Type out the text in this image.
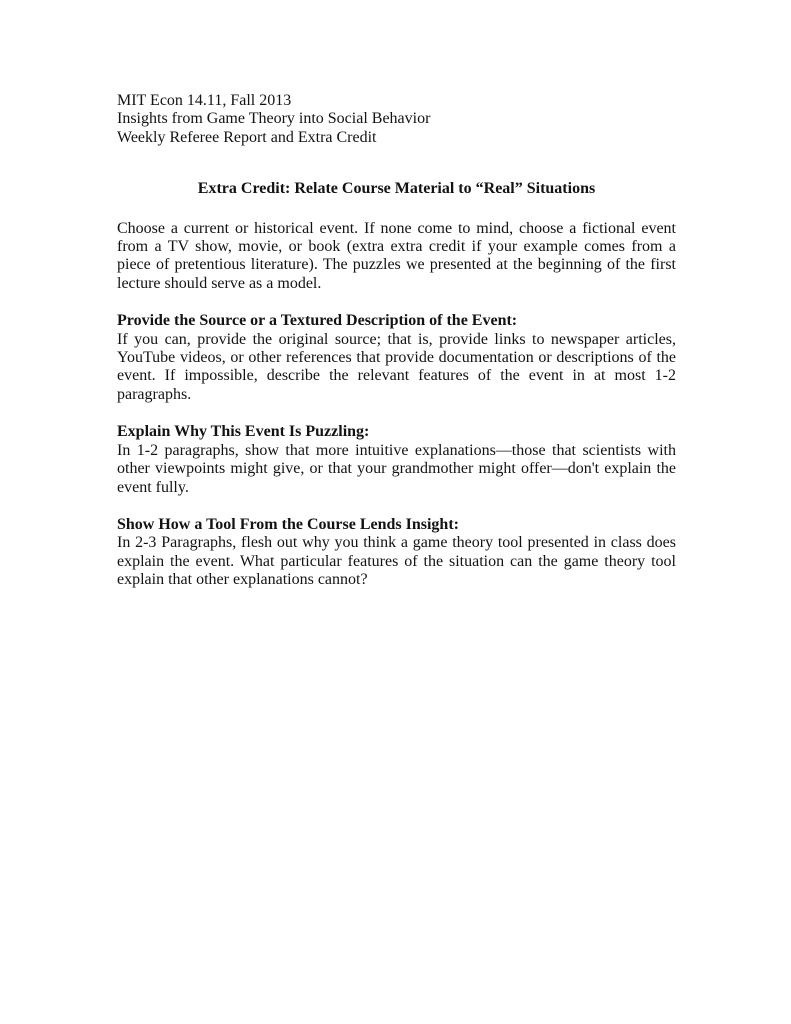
MIT Econ 14.11, Fall 2013
Insights from Game Theory into Social Behavior
Weekly Referee Report and Extra Credit
Extra Credit: Relate Course Material to “Real” Situations

Choose a current or historical event. If none come to mind, choose a fictional event from a TV show, movie, or book (extra extra credit if your example comes from a piece of pretentious literature). The puzzles we presented at the beginning of the first lecture should serve as a model.

Provide the Source or a Textured Description of the Event:

If you can, provide the original source; that is, provide links to newspaper articles, YouTube videos, or other references that provide documentation or descriptions of the event. If impossible, describe the relevant features of the event in at most 1-2 paragraphs.

Explain Why This Event Is Puzzling:

In 1-2 paragraphs, show that more intuitive explanations—those that scientists with other viewpoints might give, or that your grandmother might offer—don't explain the event fully.

Show How a Tool From the Course Lends Insight:

In 2-3 Paragraphs, flesh out why you think a game theory tool presented in class does explain the event. What particular features of the situation can the game theory tool explain that other explanations cannot?
